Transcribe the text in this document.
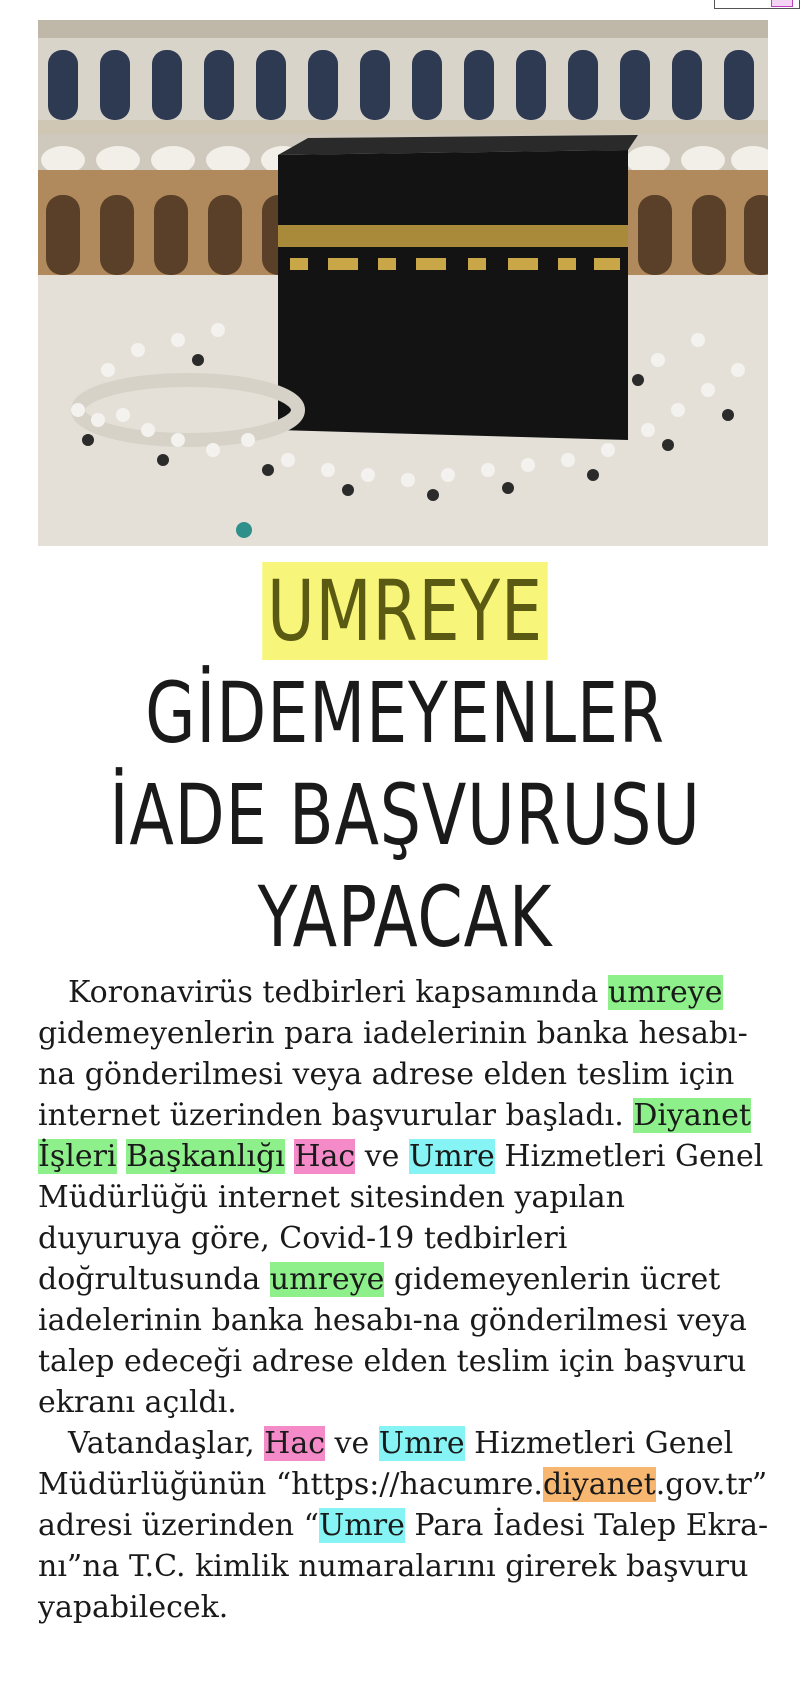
UMREYE
GİDEMEYENLER
İADE BAŞVURUSU
YAPACAK

Koronavirüs tedbirleri kapsamında umreye gidemeyenlerin para iadelerinin banka hesabı-na gönderilmesi veya adrese elden teslim için internet üzerinden başvurular başladı. Diyanet İşleri Başkanlığı Hac ve Umre Hizmetleri Genel Müdürlüğü internet sitesinden yapılan duyuruya göre, Covid-19 tedbirleri doğrultusunda umreye gidemeyenlerin ücret iadelerinin banka hesabı-na gönderilmesi veya talep edeceği adrese elden teslim için başvuru ekranı açıldı.

Vatandaşlar, Hac ve Umre Hizmetleri Genel Müdürlüğünün “https://hacumre.diyanet.gov.tr” adresi üzerinden “Umre Para İadesi Talep Ekra-nı”na T.C. kimlik numaralarını girerek başvuru yapabilecek.
